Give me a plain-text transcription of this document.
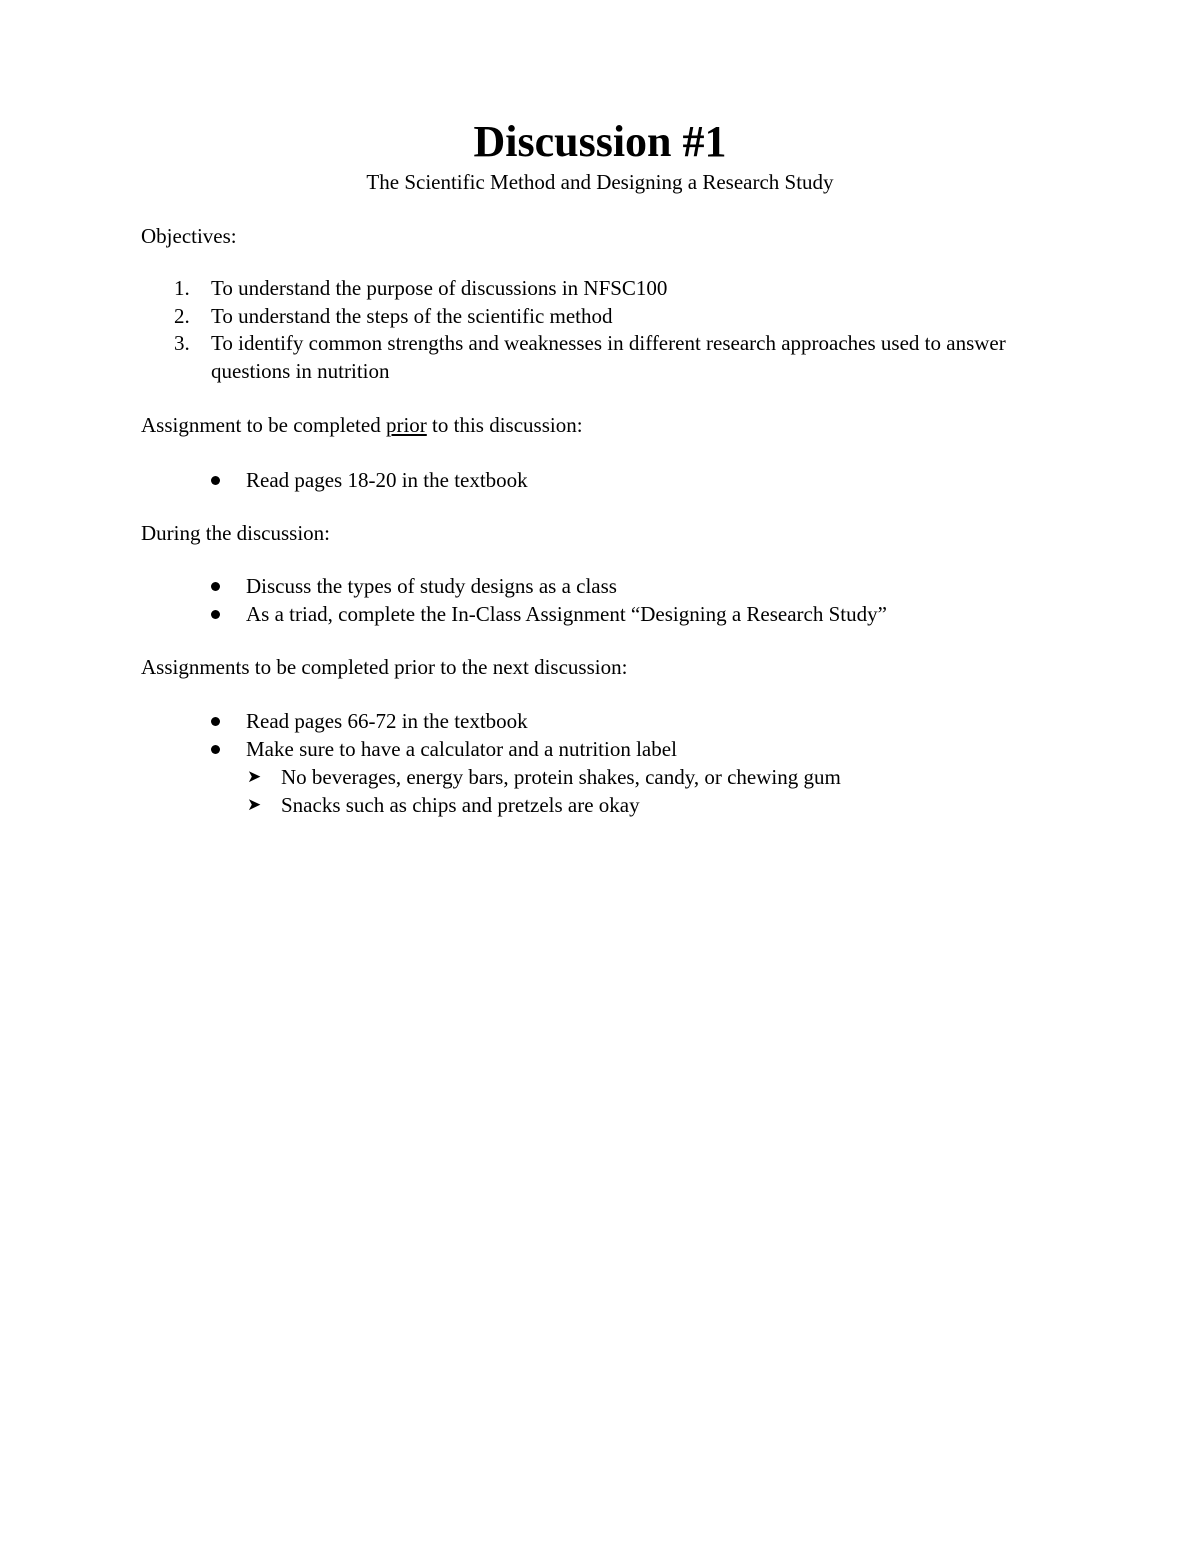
Discussion #1

The Scientific Method and Designing a Research Study

Objectives:

1. To understand the purpose of discussions in NFSC100
2. To understand the steps of the scientific method
3. To identify common strengths and weaknesses in different research approaches used to answer questions in nutrition

Assignment to be completed prior to this discussion:

Read pages 18-20 in the textbook

During the discussion:

Discuss the types of study designs as a class
As a triad, complete the In-Class Assignment “Designing a Research Study”

Assignments to be completed prior to the next discussion:

Read pages 66-72 in the textbook
Make sure to have a calculator and a nutrition label
➤ No beverages, energy bars, protein shakes, candy, or chewing gum
➤ Snacks such as chips and pretzels are okay
